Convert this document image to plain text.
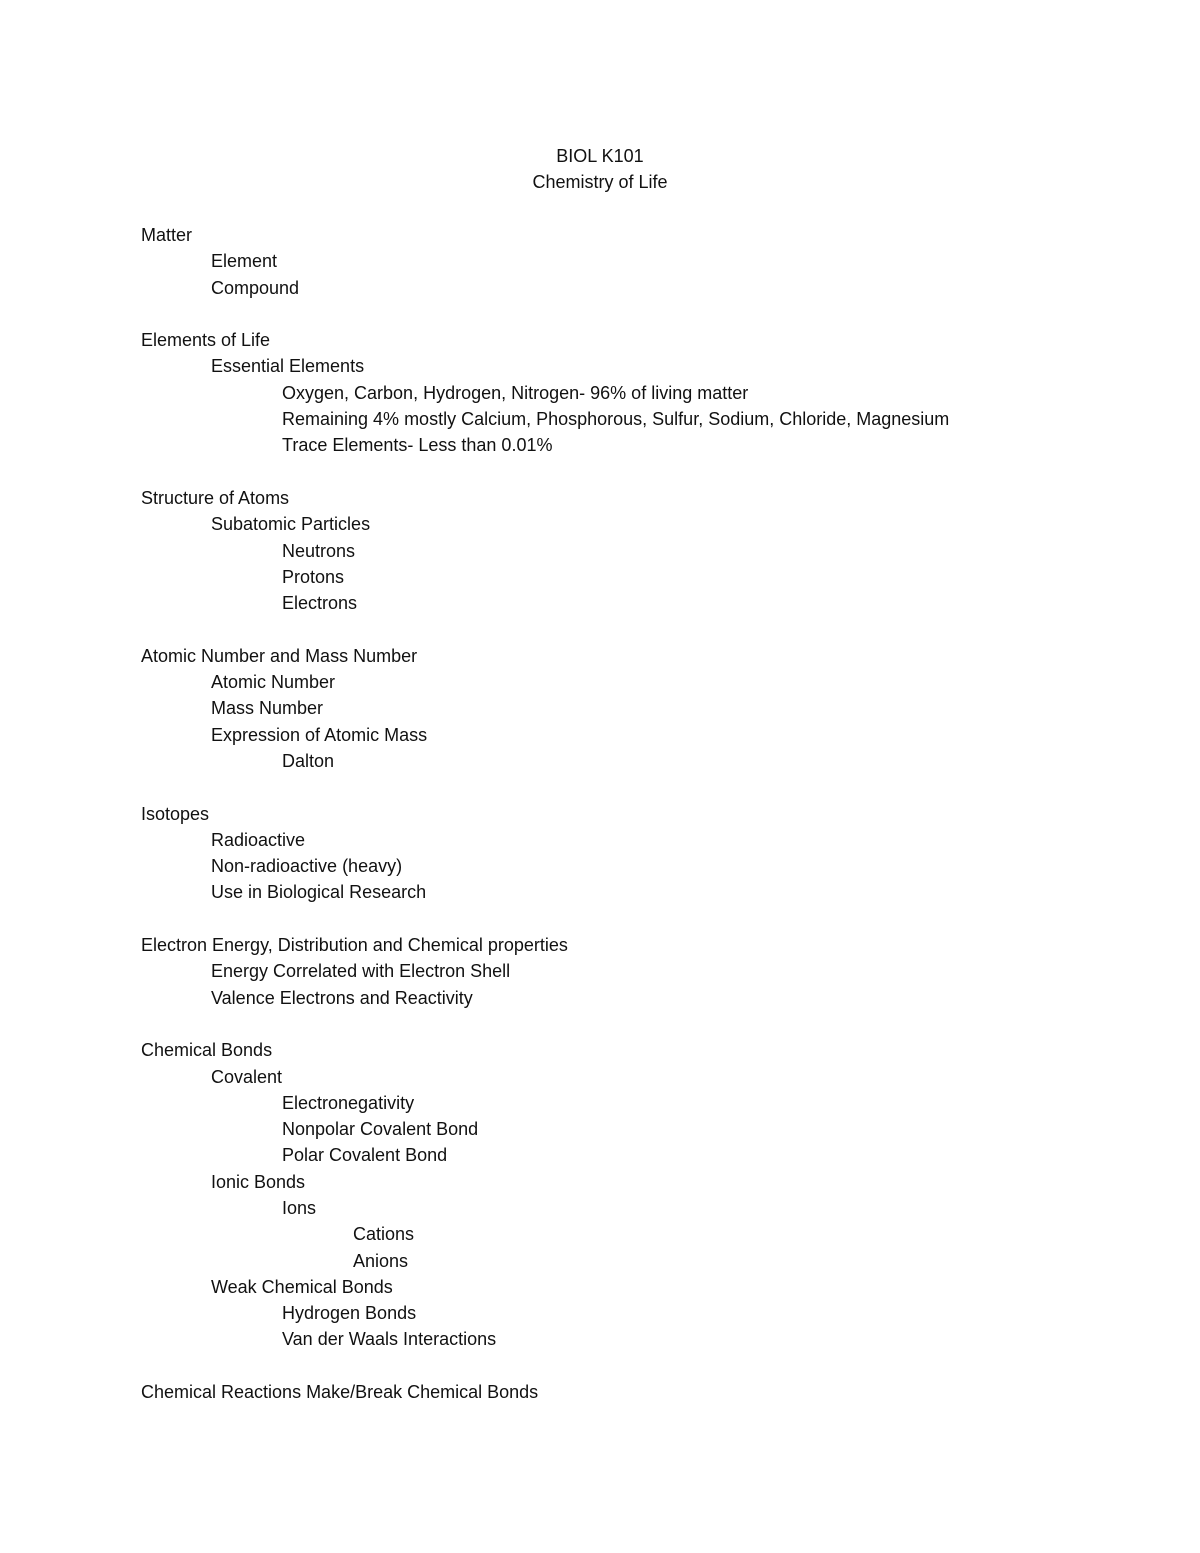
BIOL K101
Chemistry of Life
Matter
Element
Compound
Elements of Life
Essential Elements
Oxygen, Carbon, Hydrogen, Nitrogen- 96% of living matter
Remaining 4% mostly Calcium, Phosphorous, Sulfur, Sodium, Chloride, Magnesium
Trace Elements- Less than 0.01%
Structure of Atoms
Subatomic Particles
Neutrons
Protons
Electrons
Atomic Number and Mass Number
Atomic Number
Mass Number
Expression of Atomic Mass
Dalton
Isotopes
Radioactive
Non-radioactive (heavy)
Use in Biological Research
Electron Energy, Distribution and Chemical properties
Energy Correlated with Electron Shell
Valence Electrons and Reactivity
Chemical Bonds
Covalent
Electronegativity
Nonpolar Covalent Bond
Polar Covalent Bond
Ionic Bonds
Ions
Cations
Anions
Weak Chemical Bonds
Hydrogen Bonds
Van der Waals Interactions
Chemical Reactions Make/Break Chemical Bonds
